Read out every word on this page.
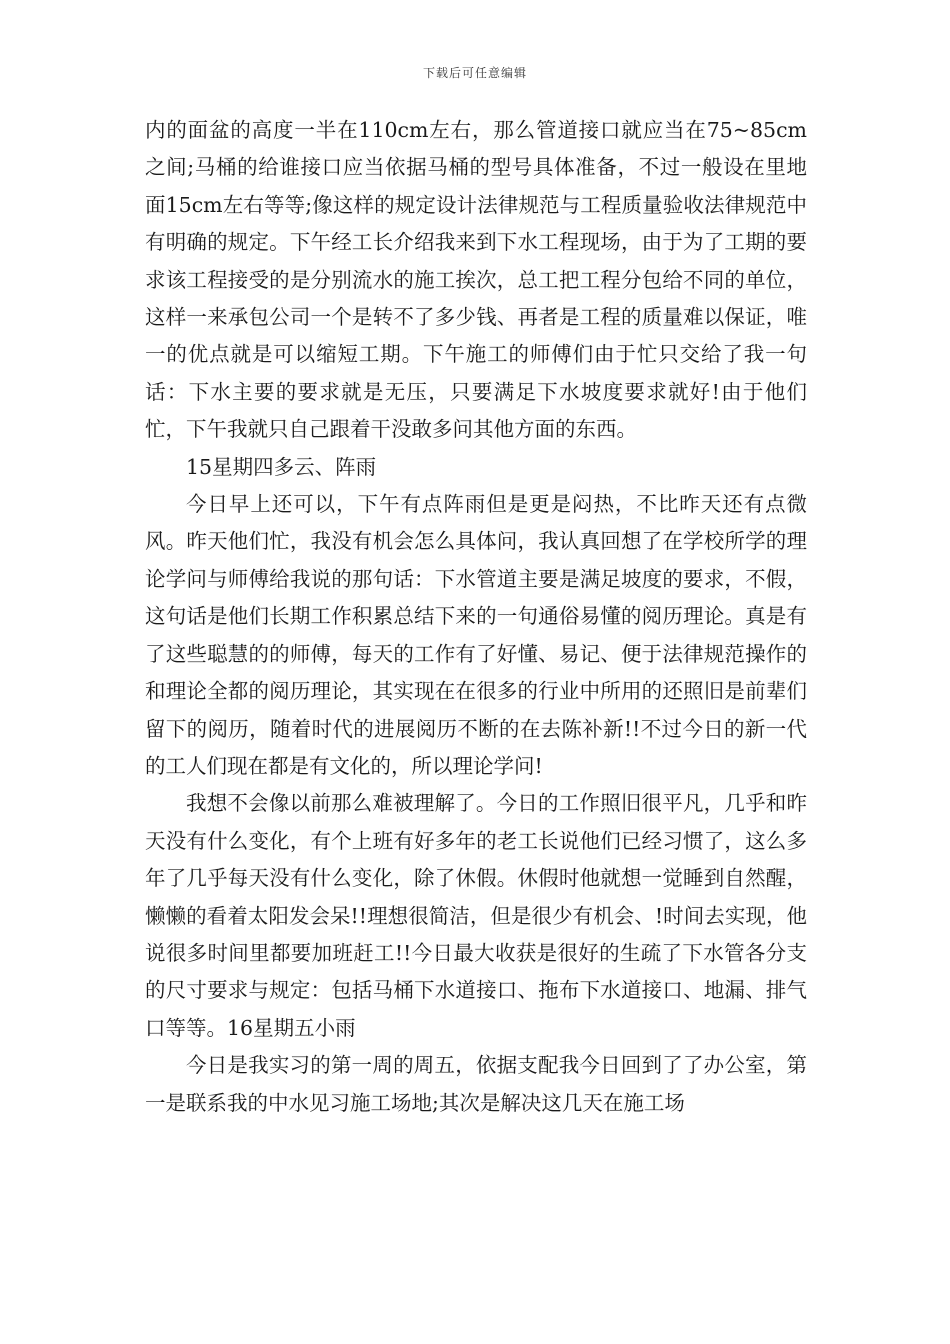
下载后可任意编辑

内的面盆的高度一半在110cm左右，那么管道接口就应当在75~85cm之间;马桶的给谁接口应当依据马桶的型号具体准备，不过一般设在里地面15cm左右等等;像这样的规定设计法律规范与工程质量验收法律规范中有明确的规定。下午经工长介绍我来到下水工程现场，由于为了工期的要求该工程接受的是分别流水的施工挨次，总工把工程分包给不同的单位，这样一来承包公司一个是转不了多少钱、再者是工程的质量难以保证，唯一的优点就是可以缩短工期。下午施工的师傅们由于忙只交给了我一句话：下水主要的要求就是无压，只要满足下水坡度要求就好!由于他们忙，下午我就只自己跟着干没敢多问其他方面的东西。

15星期四多云、阵雨

今日早上还可以，下午有点阵雨但是更是闷热，不比昨天还有点微风。昨天他们忙，我没有机会怎么具体问，我认真回想了在学校所学的理论学问与师傅给我说的那句话：下水管道主要是满足坡度的要求，不假，这句话是他们长期工作积累总结下来的一句通俗易懂的阅历理论。真是有了这些聪慧的的师傅，每天的工作有了好懂、易记、便于法律规范操作的和理论全都的阅历理论，其实现在在很多的行业中所用的还照旧是前辈们留下的阅历，随着时代的进展阅历不断的在去陈补新!!不过今日的新一代的工人们现在都是有文化的，所以理论学问!

我想不会像以前那么难被理解了。今日的工作照旧很平凡，几乎和昨天没有什么变化，有个上班有好多年的老工长说他们已经习惯了，这么多年了几乎每天没有什么变化，除了休假。休假时他就想一觉睡到自然醒，懒懒的看着太阳发会呆!!理想很简洁，但是很少有机会、!时间去实现，他说很多时间里都要加班赶工!!今日最大收获是很好的生疏了下水管各分支的尺寸要求与规定：包括马桶下水道接口、拖布下水道接口、地漏、排气口等等。16星期五小雨

今日是我实习的第一周的周五，依据支配我今日回到了了办公室，第一是联系我的中水见习施工场地;其次是解决这几天在施工场
